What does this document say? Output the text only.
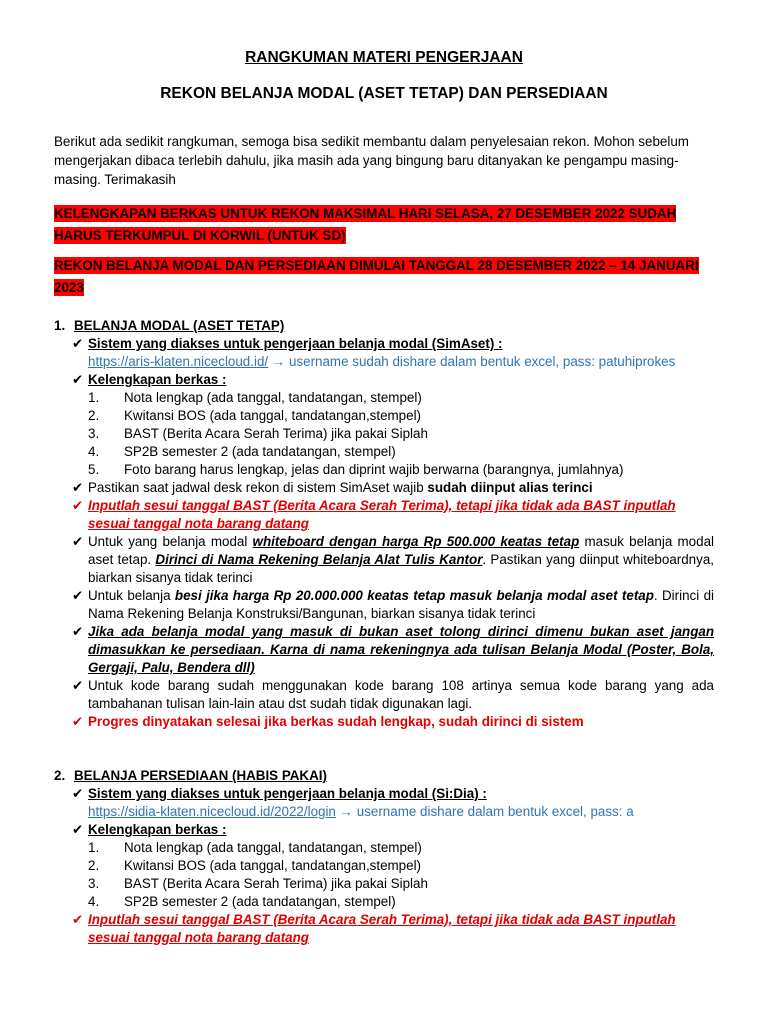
RANGKUMAN MATERI PENGERJAAN

REKON BELANJA MODAL (ASET TETAP) DAN PERSEDIAAN

Berikut ada sedikit rangkuman, semoga bisa sedikit membantu dalam penyelesaian rekon. Mohon sebelum mengerjakan dibaca terlebih dahulu, jika masih ada yang bingung baru ditanyakan ke pengampu masing-masing. Terimakasih

KELENGKAPAN BERKAS UNTUK REKON MAKSIMAL HARI SELASA, 27 DESEMBER 2022 SUDAH HARUS TERKUMPUL DI KORWIL (UNTUK SD)

REKON BELANJA MODAL DAN PERSEDIAAN DIMULAI TANGGAL 28 DESEMBER 2022 – 14 JANUARI 2023

1. BELANJA MODAL (ASET TETAP)

✔ Sistem yang diakses untuk pengerjaan belanja modal (SimAset) :
https://aris-klaten.nicecloud.id/ → username sudah dishare dalam bentuk excel, pass: patuhiprokes
✔ Kelengkapan berkas :
1. Nota lengkap (ada tanggal, tandatangan, stempel)
2. Kwitansi BOS (ada tanggal, tandatangan,stempel)
3. BAST (Berita Acara Serah Terima) jika pakai Siplah
4. SP2B semester 2 (ada tandatangan, stempel)
5. Foto barang harus lengkap, jelas dan diprint wajib berwarna (barangnya, jumlahnya)
✔ Pastikan saat jadwal desk rekon di sistem SimAset wajib sudah diinput alias terinci
✔ Inputlah sesui tanggal BAST (Berita Acara Serah Terima), tetapi jika tidak ada BAST inputlah sesuai tanggal nota barang datang
✔ Untuk yang belanja modal whiteboard dengan harga Rp 500.000 keatas tetap masuk belanja modal aset tetap. Dirinci di Nama Rekening Belanja Alat Tulis Kantor. Pastikan yang diinput whiteboardnya, biarkan sisanya tidak terinci
✔ Untuk belanja besi jika harga Rp 20.000.000 keatas tetap masuk belanja modal aset tetap. Dirinci di Nama Rekening Belanja Konstruksi/Bangunan, biarkan sisanya tidak terinci
✔ Jika ada belanja modal yang masuk di bukan aset tolong dirinci dimenu bukan aset jangan dimasukkan ke persediaan. Karna di nama rekeningnya ada tulisan Belanja Modal (Poster, Bola, Gergaji, Palu, Bendera dll)
✔ Untuk kode barang sudah menggunakan kode barang 108 artinya semua kode barang yang ada tambahanan tulisan lain-lain atau dst sudah tidak digunakan lagi.
✔ Progres dinyatakan selesai jika berkas sudah lengkap, sudah dirinci di sistem

2. BELANJA PERSEDIAAN (HABIS PAKAI)

✔ Sistem yang diakses untuk pengerjaan belanja modal (Si:Dia) :
https://sidia-klaten.nicecloud.id/2022/login → username dishare dalam bentuk excel, pass: a
✔ Kelengkapan berkas :
1. Nota lengkap (ada tanggal, tandatangan, stempel)
2. Kwitansi BOS (ada tanggal, tandatangan,stempel)
3. BAST (Berita Acara Serah Terima) jika pakai Siplah
4. SP2B semester 2 (ada tandatangan, stempel)
✔ Inputlah sesui tanggal BAST (Berita Acara Serah Terima), tetapi jika tidak ada BAST inputlah sesuai tanggal nota barang datang
